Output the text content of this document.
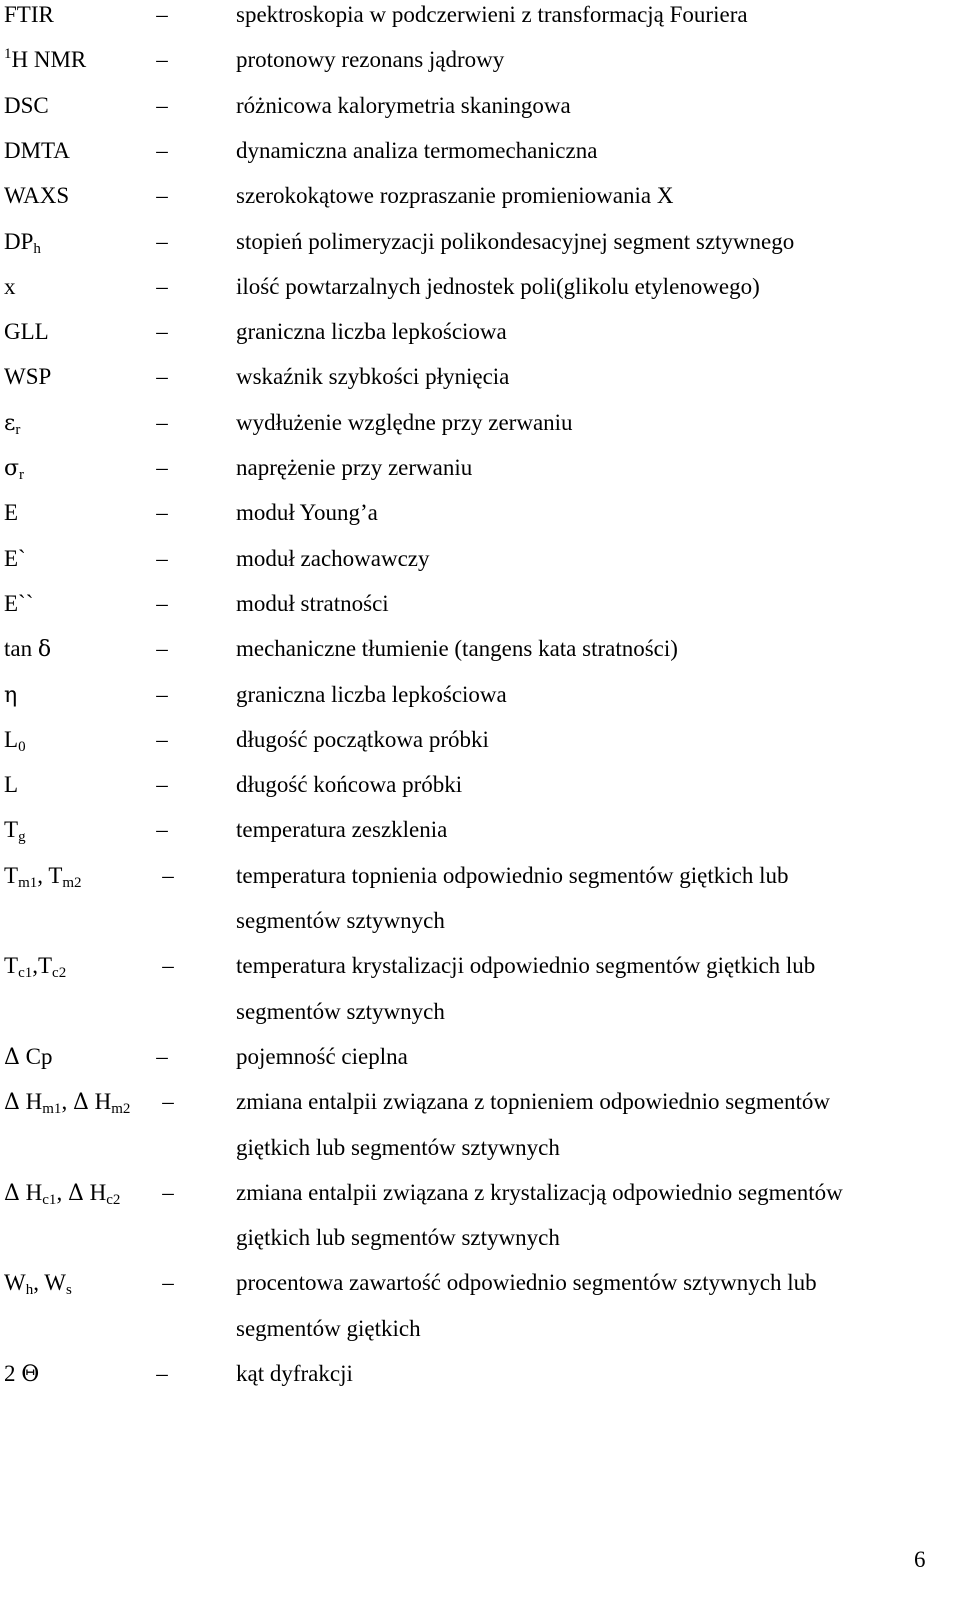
FTIR	–	spektroskopia w podczerwieni z transformacją Fouriera
$^1$H NMR	–	protonowy rezonans jądrowy
DSC	–	różnicowa kalorymetria skaningowa
DMTA	–	dynamiczna analiza termomechaniczna
WAXS	–	szerokokątowe rozpraszanie promieniowania X
$DP_h$	–	stopień polimeryzacji polikondesacyjnej segment sztywnego
x	–	ilość powtarzalnych jednostek poli(glikolu etylenowego)
GLL	–	graniczna liczba lepkościowa
WSP	–	wskaźnik szybkości płynięcia
$\varepsilon_r$	–	wydłużenie względne przy zerwaniu
$\sigma_r$	–	naprężenie przy zerwaniu
E	–	moduł Young’a
E`	–	moduł zachowawczy
E``	–	moduł stratności
tan δ	–	mechaniczne tłumienie (tangens kata stratności)
η	–	graniczna liczba lepkościowa
$L_0$	–	długość początkowa próbki
L	–	długość końcowa próbki
$T_g$	–	temperatura zeszklenia
$T_{m1}$, $T_{m2}$	–	temperatura topnienia odpowiednio segmentów giętkich lub
segmentów sztywnych
$T_{c1},T_{c2}$	–	temperatura krystalizacji odpowiednio segmentów giętkich lub
segmentów sztywnych
Δ Cp	–	pojemność cieplna
Δ $H_{m1}$, Δ $H_{m2}$ –	zmiana entalpii związana z topnieniem odpowiednio segmentów
giętkich lub segmentów sztywnych
Δ $H_{c1}$, Δ $H_{c2}$ –	zmiana entalpii związana z krystalizacją odpowiednio segmentów
giętkich lub segmentów sztywnych
$W_h$, $W_s$	–	procentowa zawartość odpowiednio segmentów sztywnych lub
segmentów giętkich
2 Θ	–	kąt dyfrakcji
6
